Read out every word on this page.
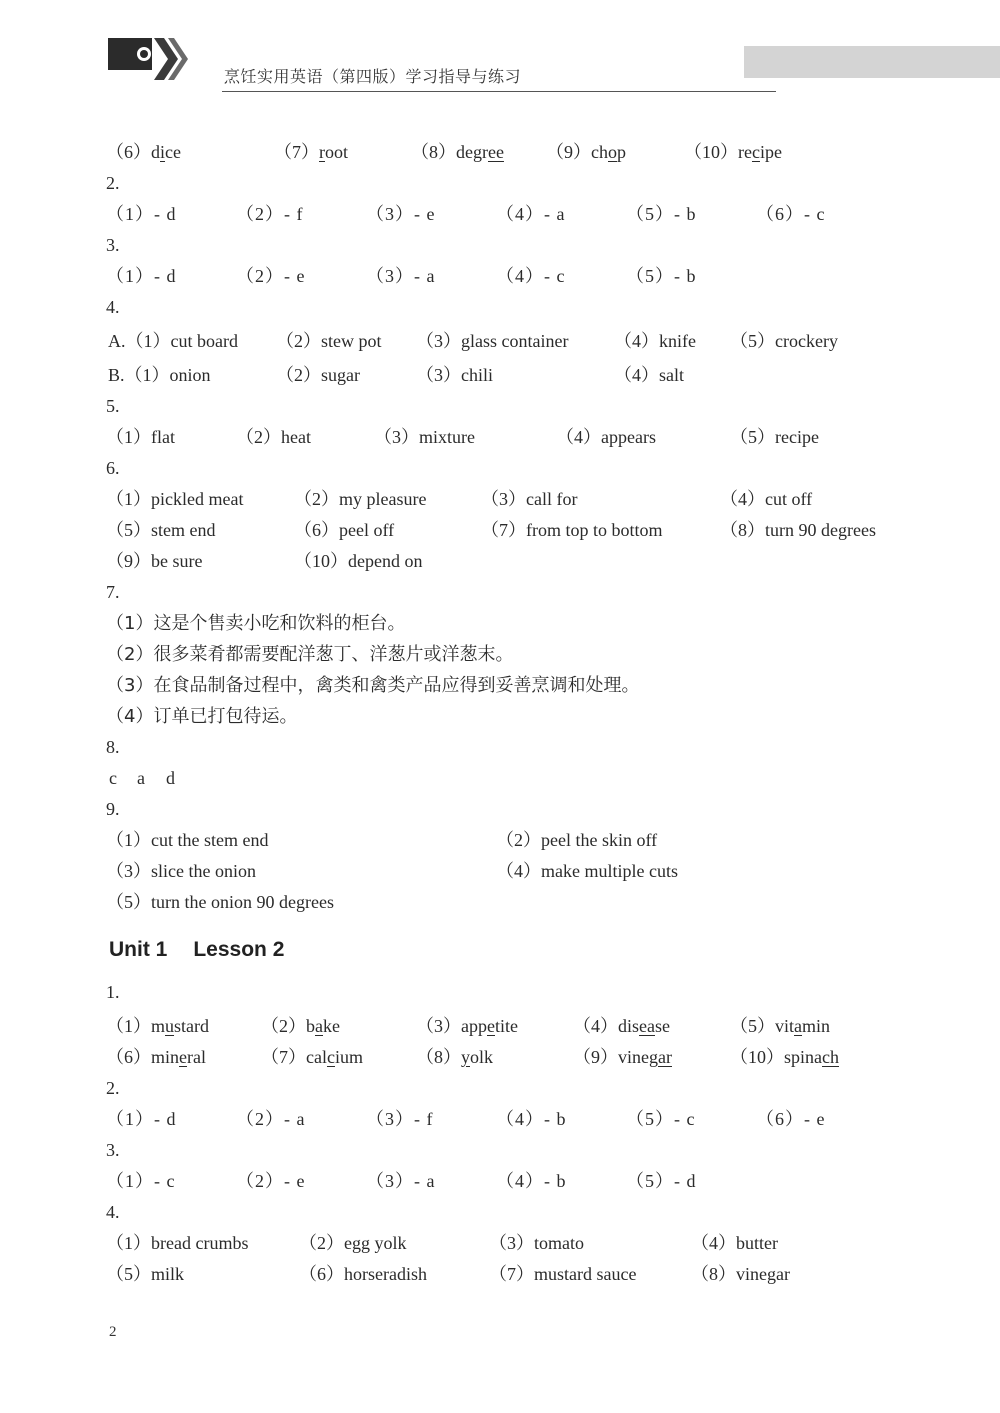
烹饪实用英语（第四版）学习指导与练习
（6）dice	（7）root	（8）degree （9）chop	（10）recipe
2.
（1）- d	（2）- f	（3）- e	（4）- a	（5）- b	（6）- c
3.
（1）- d	（2）- e	（3）- a	（4）- c	（5）- b
4.
A.（1）cut board （2）stew pot （3）glass container	（4）knife （5）crockery
B.（1）onion	（2）sugar	（3）chili	（4）salt
5.
（1）flat	（2）heat	（3）mixture	（4）appears	（5）recipe
6.
（1）pickled meat	（2）my pleasure	（3）call for	（4）cut off
（5）stem end	（6）peel off	（7）from top to bottom	（8）turn 90 degrees
（9）be sure	（10）depend on
7.
（1）这是个售卖小吃和饮料的柜台。
（2）很多菜肴都需要配洋葱丁、洋葱片或洋葱末。
（3）在食品制备过程中，禽类和禽类产品应得到妥善烹调和处理。
（4）订单已打包待运。
8.
c a d
9.
（1）cut the stem end	（2）peel the skin off
（3）slice the onion	（4）make multiple cuts
（5）turn the onion 90 degrees
Unit 1 Lesson 2
1.
（1）mustard	（2）bake	（3）appetite	（4）disease	（5）vitamin
（6）mineral	（7）calcium	（8）yolk	（9）vinegar	（10）spinach
2.
（1）- d	（2）- a	（3）- f	（4）- b	（5）- c	（6）- e
3.
（1）- c	（2）- e	（3）- a	（4）- b	（5）- d
4.
（1）bread crumbs	（2）egg yolk	（3）tomato	（4）butter
（5）milk	（6）horseradish	（7）mustard sauce	（8）vinegar
2
